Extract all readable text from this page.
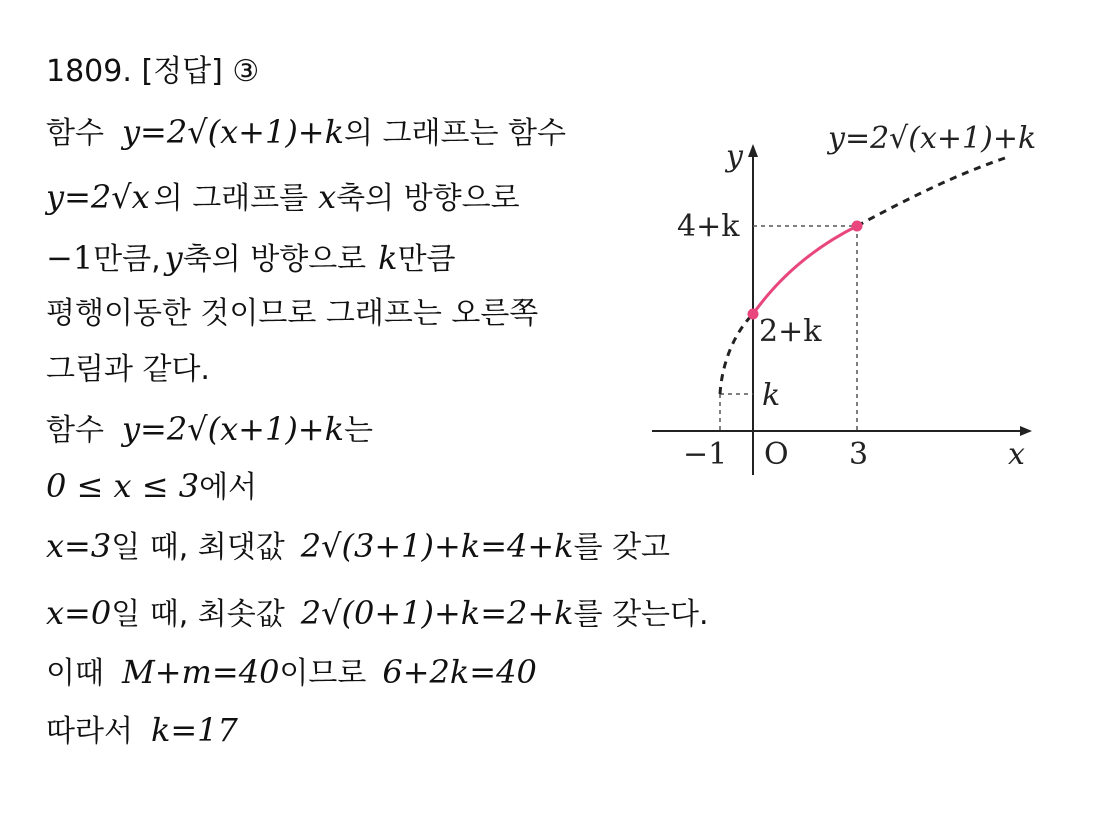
1809. [정답] ③
함수 y=2√(x+1)+k의 그래프는 함수
y=2√x 의 그래프를 x축의 방향으로
−1만큼, y축의 방향으로 k만큼
평행이동한 것이므로 그래프는 오른쪽
그림과 같다.
함수 y=2√(x+1)+k는
0 ≤ x ≤ 3에서
x=3일 때, 최댓값 2√(3+1)+k=4+k를 갖고
x=0일 때, 최솟값 2√(0+1)+k=2+k를 갖는다.
이때 M+m=40이므로 6+2k=40
따라서 k=17
y=2√(x+1)+k
y
x
O
−1	3
4+k
2+k
k
